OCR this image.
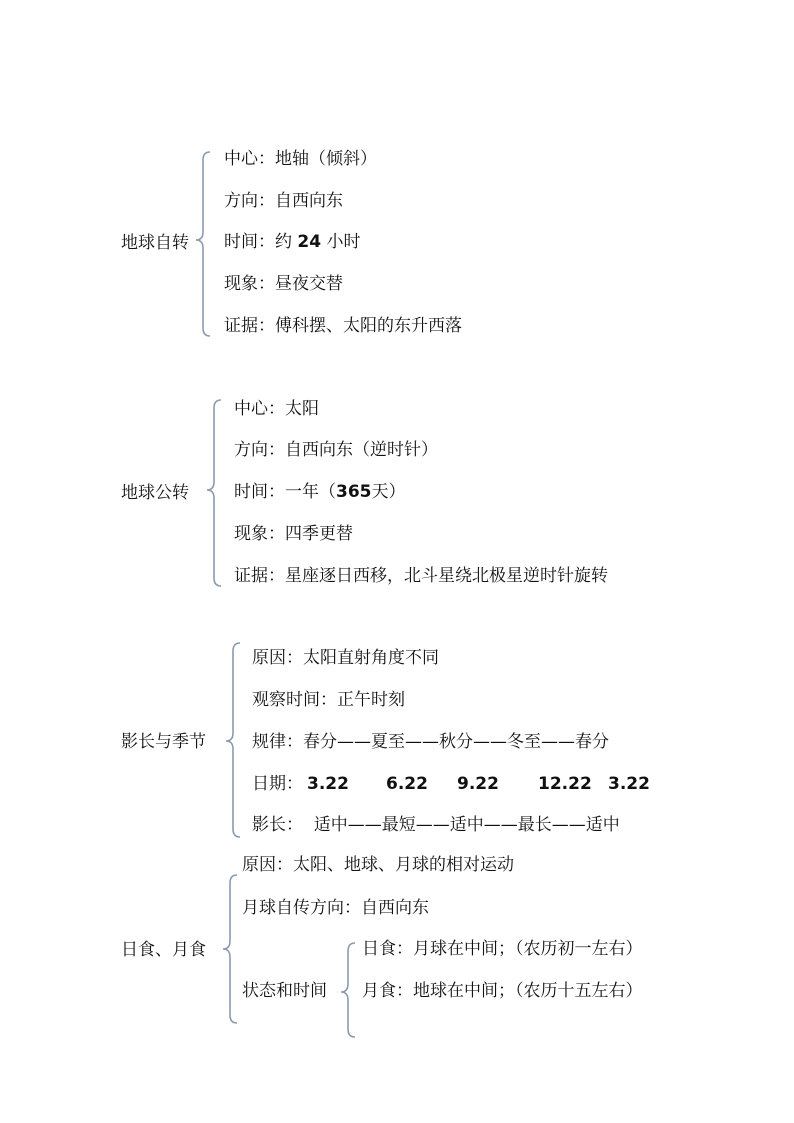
地球自转
中心：地轴（倾斜）
方向：自西向东
时间：约 24 小时
现象：昼夜交替
证据：傅科摆、太阳的东升西落
地球公转
中心：太阳
方向：自西向东（逆时针）
时间：一年（365天）
现象：四季更替
证据：星座逐日西移，北斗星绕北极星逆时针旋转
影长与季节
原因：太阳直射角度不同
观察时间：正午时刻
规律：春分——夏至——秋分——冬至——春分
日期： 3.22 6.22 9.22 12.22 3.22
影长：  适中——最短——适中——最长——适中
日食、月食
原因：太阳、地球、月球的相对运动
月球自传方向：自西向东
状态和时间
日食：月球在中间；（农历初一左右）
月食：地球在中间；（农历十五左右）
